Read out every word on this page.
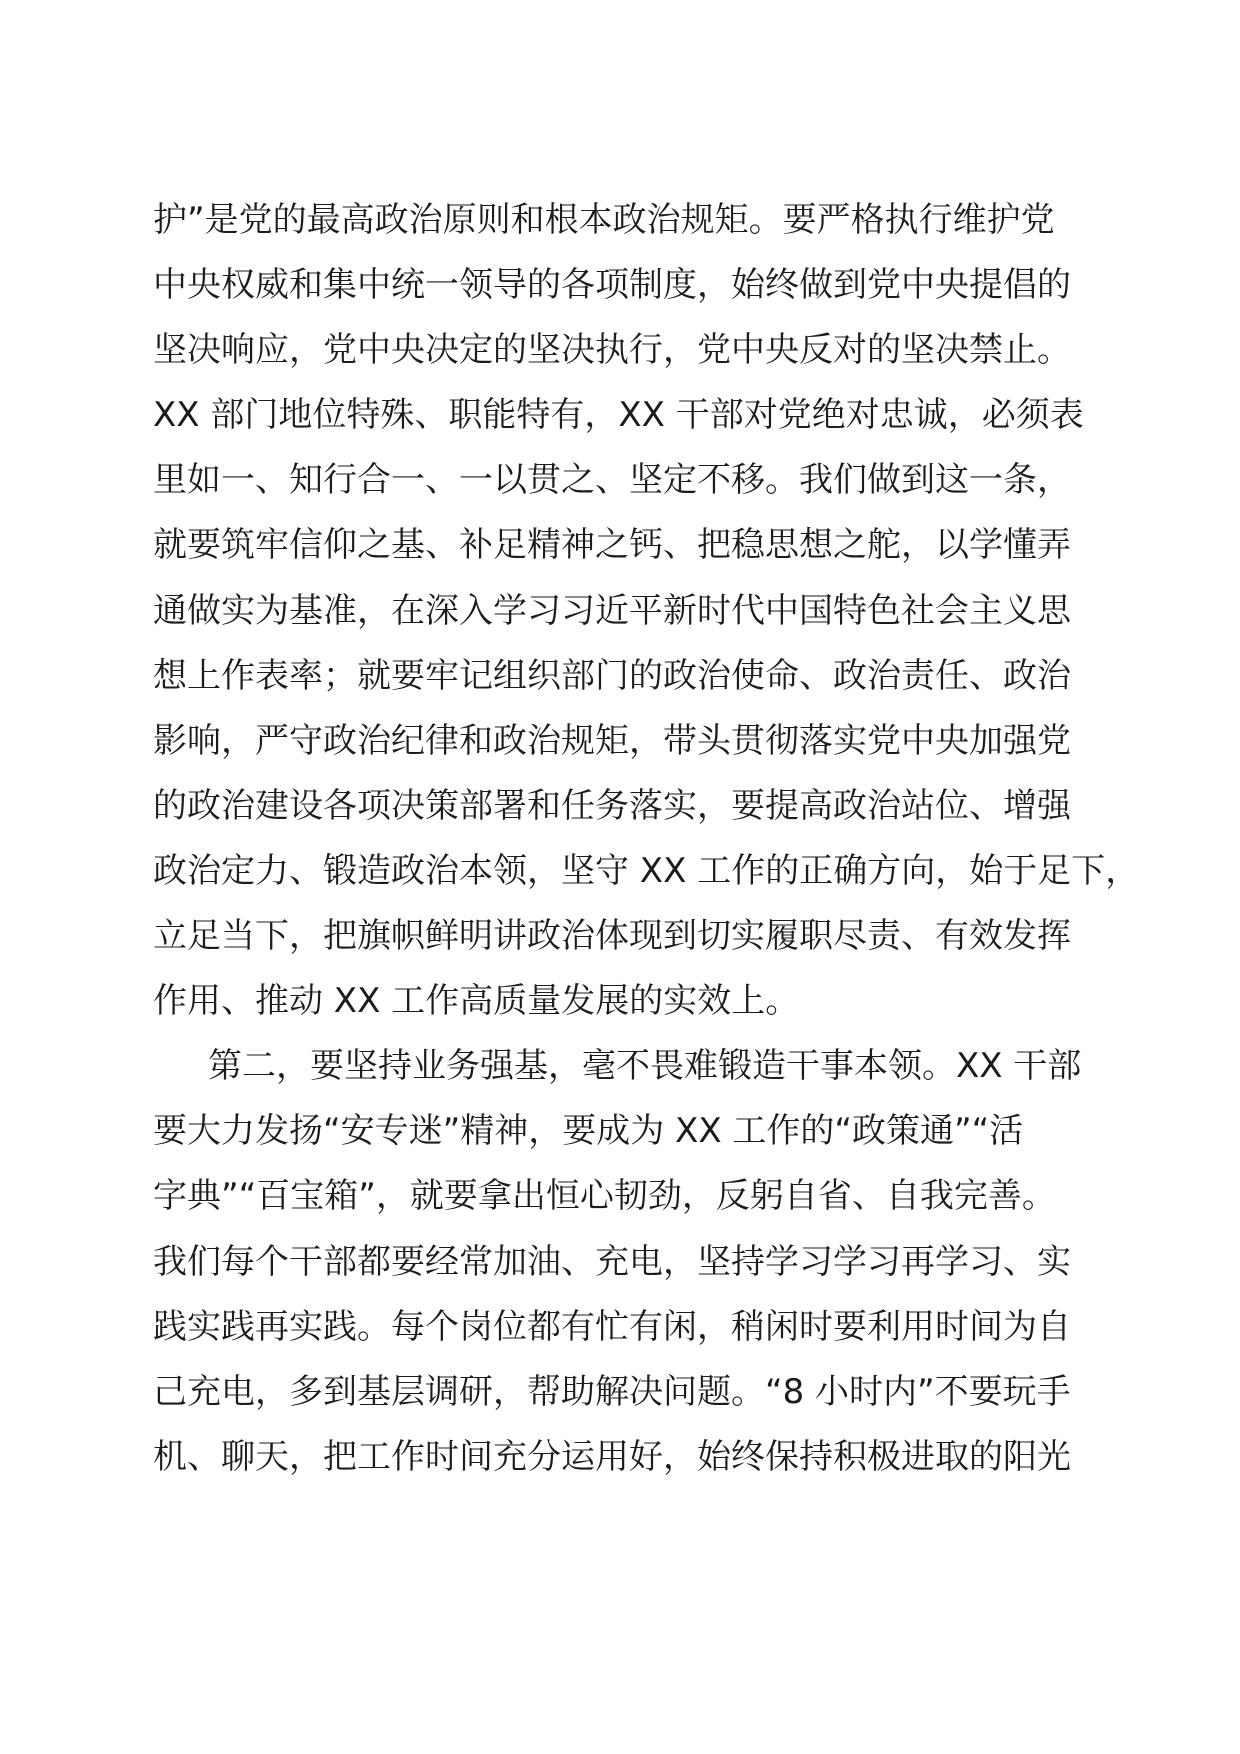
护”是党的最高政治原则和根本政治规矩。要严格执行维护党
中央权威和集中统一领导的各项制度，始终做到党中央提倡的
坚决响应，党中央决定的坚决执行，党中央反对的坚决禁止。
XX 部门地位特殊、职能特有，XX 干部对党绝对忠诚，必须表
里如一、知行合一、一以贯之、坚定不移。我们做到这一条，
就要筑牢信仰之基、补足精神之钙、把稳思想之舵，以学懂弄
通做实为基准，在深入学习习近平新时代中国特色社会主义思
想上作表率；就要牢记组织部门的政治使命、政治责任、政治
影响，严守政治纪律和政治规矩，带头贯彻落实党中央加强党
的政治建设各项决策部署和任务落实，要提高政治站位、增强
政治定力、锻造政治本领，坚守 XX 工作的正确方向，始于足下，
立足当下，把旗帜鲜明讲政治体现到切实履职尽责、有效发挥
作用、推动 XX 工作高质量发展的实效上。
第二，要坚持业务强基，毫不畏难锻造干事本领。XX 干部
要大力发扬“安专迷”精神，要成为 XX 工作的“政策通”“活
字典”“百宝箱”，就要拿出恒心韧劲，反躬自省、自我完善。
我们每个干部都要经常加油、充电，坚持学习学习再学习、实
践实践再实践。每个岗位都有忙有闲，稍闲时要利用时间为自
己充电，多到基层调研，帮助解决问题。“8 小时内”不要玩手
机、聊天，把工作时间充分运用好，始终保持积极进取的阳光
